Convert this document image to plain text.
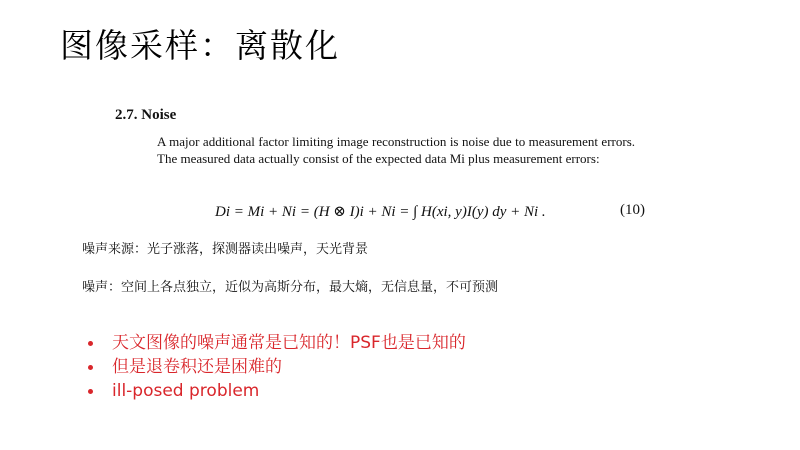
图像采样：离散化
2.7. Noise
A major additional factor limiting image reconstruction is noise due to measurement errors. The measured data actually consist of the expected data Mi plus measurement errors:
Di = Mi + Ni = (H ⊗ I)i + Ni = ∫ H(xi, y)I(y) dy + Ni .	(10)
噪声来源：光子涨落，探测器读出噪声，天光背景
噪声：空间上各点独立，近似为高斯分布，最大熵，无信息量，不可预测
天文图像的噪声通常是已知的！PSF也是已知的
但是退卷积还是困难的
ill-posed problem
